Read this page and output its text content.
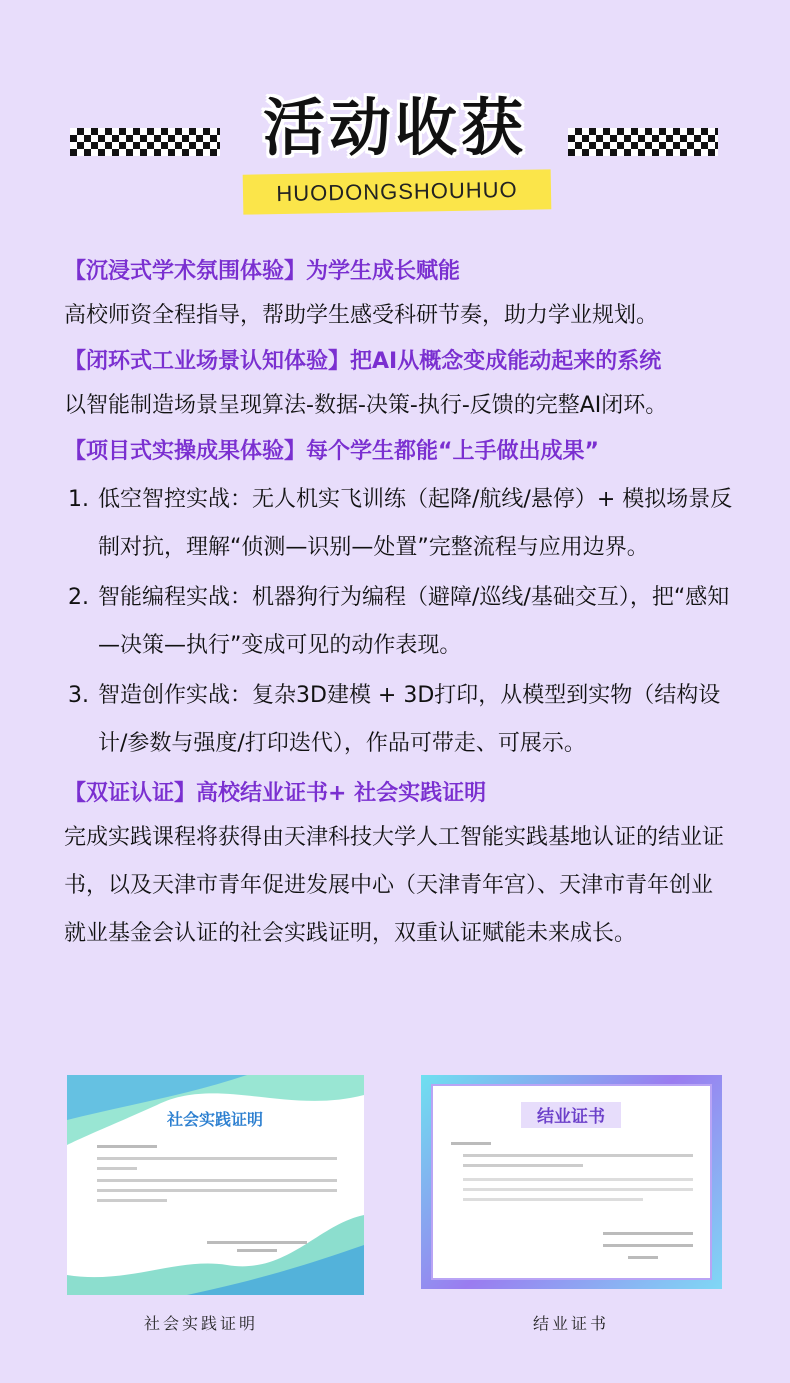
活动收获
HUODONGSHOUHUO

【沉浸式学术氛围体验】为学生成长赋能

高校师资全程指导，帮助学生感受科研节奏，助力学业规划。

【闭环式工业场景认知体验】把AI从概念变成能动起来的系统

以智能制造场景呈现算法-数据-决策-执行-反馈的完整AI闭环。

【项目式实操成果体验】每个学生都能“上手做出成果”

1. 低空智控实战：无人机实飞训练（起降/航线/悬停）+ 模拟场景反制对抗，理解“侦测—识别—处置”完整流程与应用边界。
2. 智能编程实战：机器狗行为编程（避障/巡线/基础交互），把“感知—决策—执行”变成可见的动作表现。
3. 智造创作实战：复杂3D建模 + 3D打印，从模型到实物（结构设计/参数与强度/打印迭代），作品可带走、可展示。

【双证认证】高校结业证书+ 社会实践证明

完成实践课程将获得由天津科技大学人工智能实践基地认证的结业证书，以及天津市青年促进发展中心（天津青年宫）、天津市青年创业就业基金会认证的社会实践证明，双重认证赋能未来成长。

社会实践证明	结业证书
社会实践证明	结业证书
